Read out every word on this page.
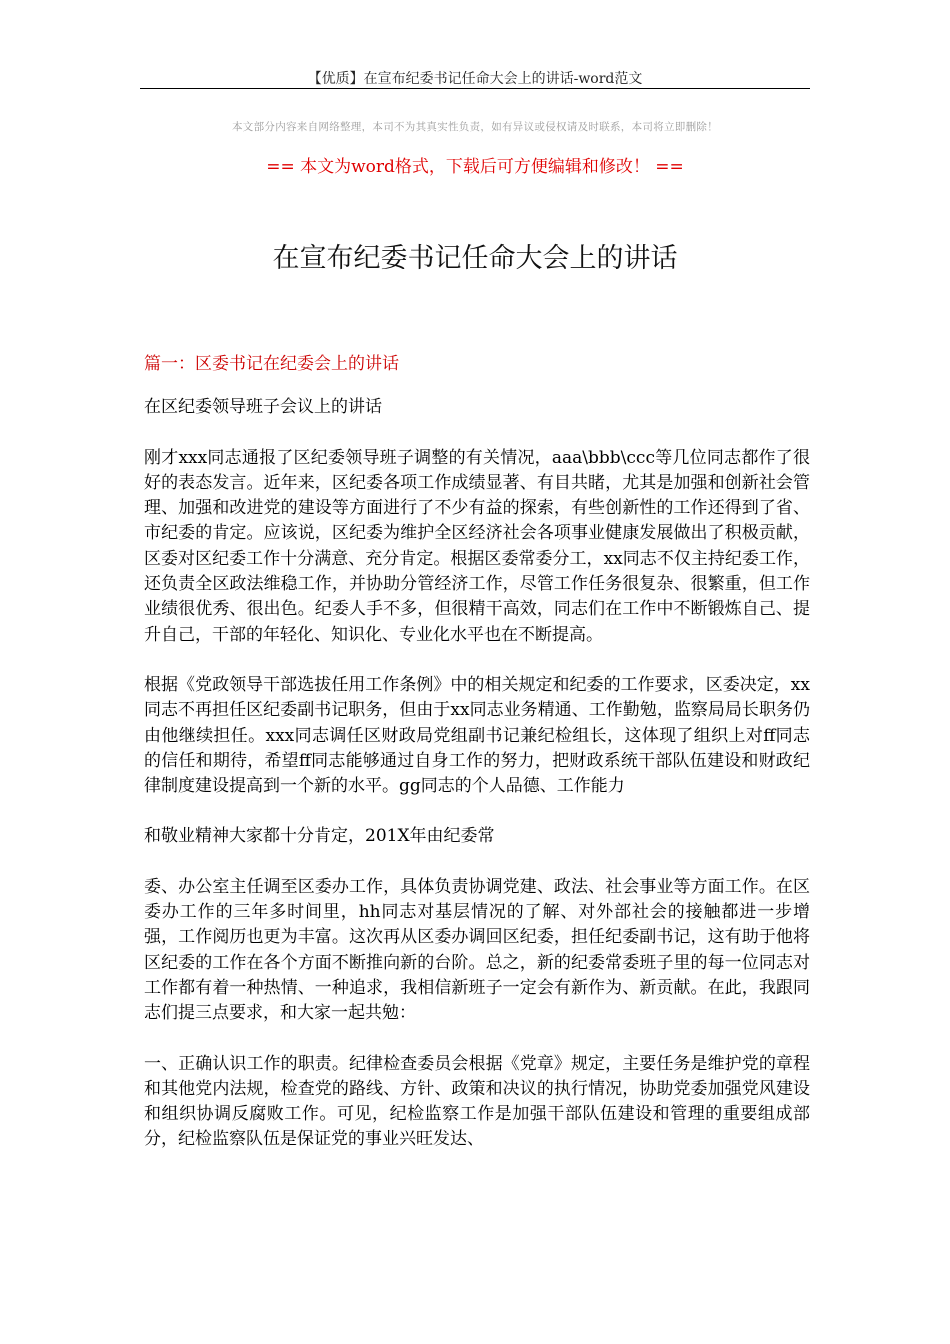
【优质】在宣布纪委书记任命大会上的讲话-word范文
本文部分内容来自网络整理，本司不为其真实性负责，如有异议或侵权请及时联系，本司将立即删除！
== 本文为word格式，下载后可方便编辑和修改！ ==
在宣布纪委书记任命大会上的讲话

篇一：区委书记在纪委会上的讲话

在区纪委领导班子会议上的讲话

刚才xxx同志通报了区纪委领导班子调整的有关情况，aaa\bbb\ccc等几位同志都作了很好的表态发言。近年来，区纪委各项工作成绩显著、有目共睹，尤其是加强和创新社会管理、加强和改进党的建设等方面进行了不少有益的探索，有些创新性的工作还得到了省、市纪委的肯定。应该说，区纪委为维护全区经济社会各项事业健康发展做出了积极贡献，区委对区纪委工作十分满意、充分肯定。根据区委常委分工，xx同志不仅主持纪委工作，还负责全区政法维稳工作，并协助分管经济工作，尽管工作任务很复杂、很繁重，但工作业绩很优秀、很出色。纪委人手不多，但很精干高效，同志们在工作中不断锻炼自己、提升自己，干部的年轻化、知识化、专业化水平也在不断提高。

根据《党政领导干部选拔任用工作条例》中的相关规定和纪委的工作要求，区委决定，xx同志不再担任区纪委副书记职务，但由于xx同志业务精通、工作勤勉，监察局局长职务仍由他继续担任。xxx同志调任区财政局党组副书记兼纪检组长，这体现了组织上对ff同志的信任和期待，希望ff同志能够通过自身工作的努力，把财政系统干部队伍建设和财政纪律制度建设提高到一个新的水平。gg同志的个人品德、工作能力

和敬业精神大家都十分肯定，201X年由纪委常

委、办公室主任调至区委办工作，具体负责协调党建、政法、社会事业等方面工作。在区委办工作的三年多时间里，hh同志对基层情况的了解、对外部社会的接触都进一步增强，工作阅历也更为丰富。这次再从区委办调回区纪委，担任纪委副书记，这有助于他将区纪委的工作在各个方面不断推向新的台阶。总之，新的纪委常委班子里的每一位同志对工作都有着一种热情、一种追求，我相信新班子一定会有新作为、新贡献。在此，我跟同志们提三点要求，和大家一起共勉：

一、正确认识工作的职责。纪律检查委员会根据《党章》规定，主要任务是维护党的章程和其他党内法规，检查党的路线、方针、政策和决议的执行情况，协助党委加强党风建设和组织协调反腐败工作。可见，纪检监察工作是加强干部队伍建设和管理的重要组成部分，纪检监察队伍是保证党的事业兴旺发达、
